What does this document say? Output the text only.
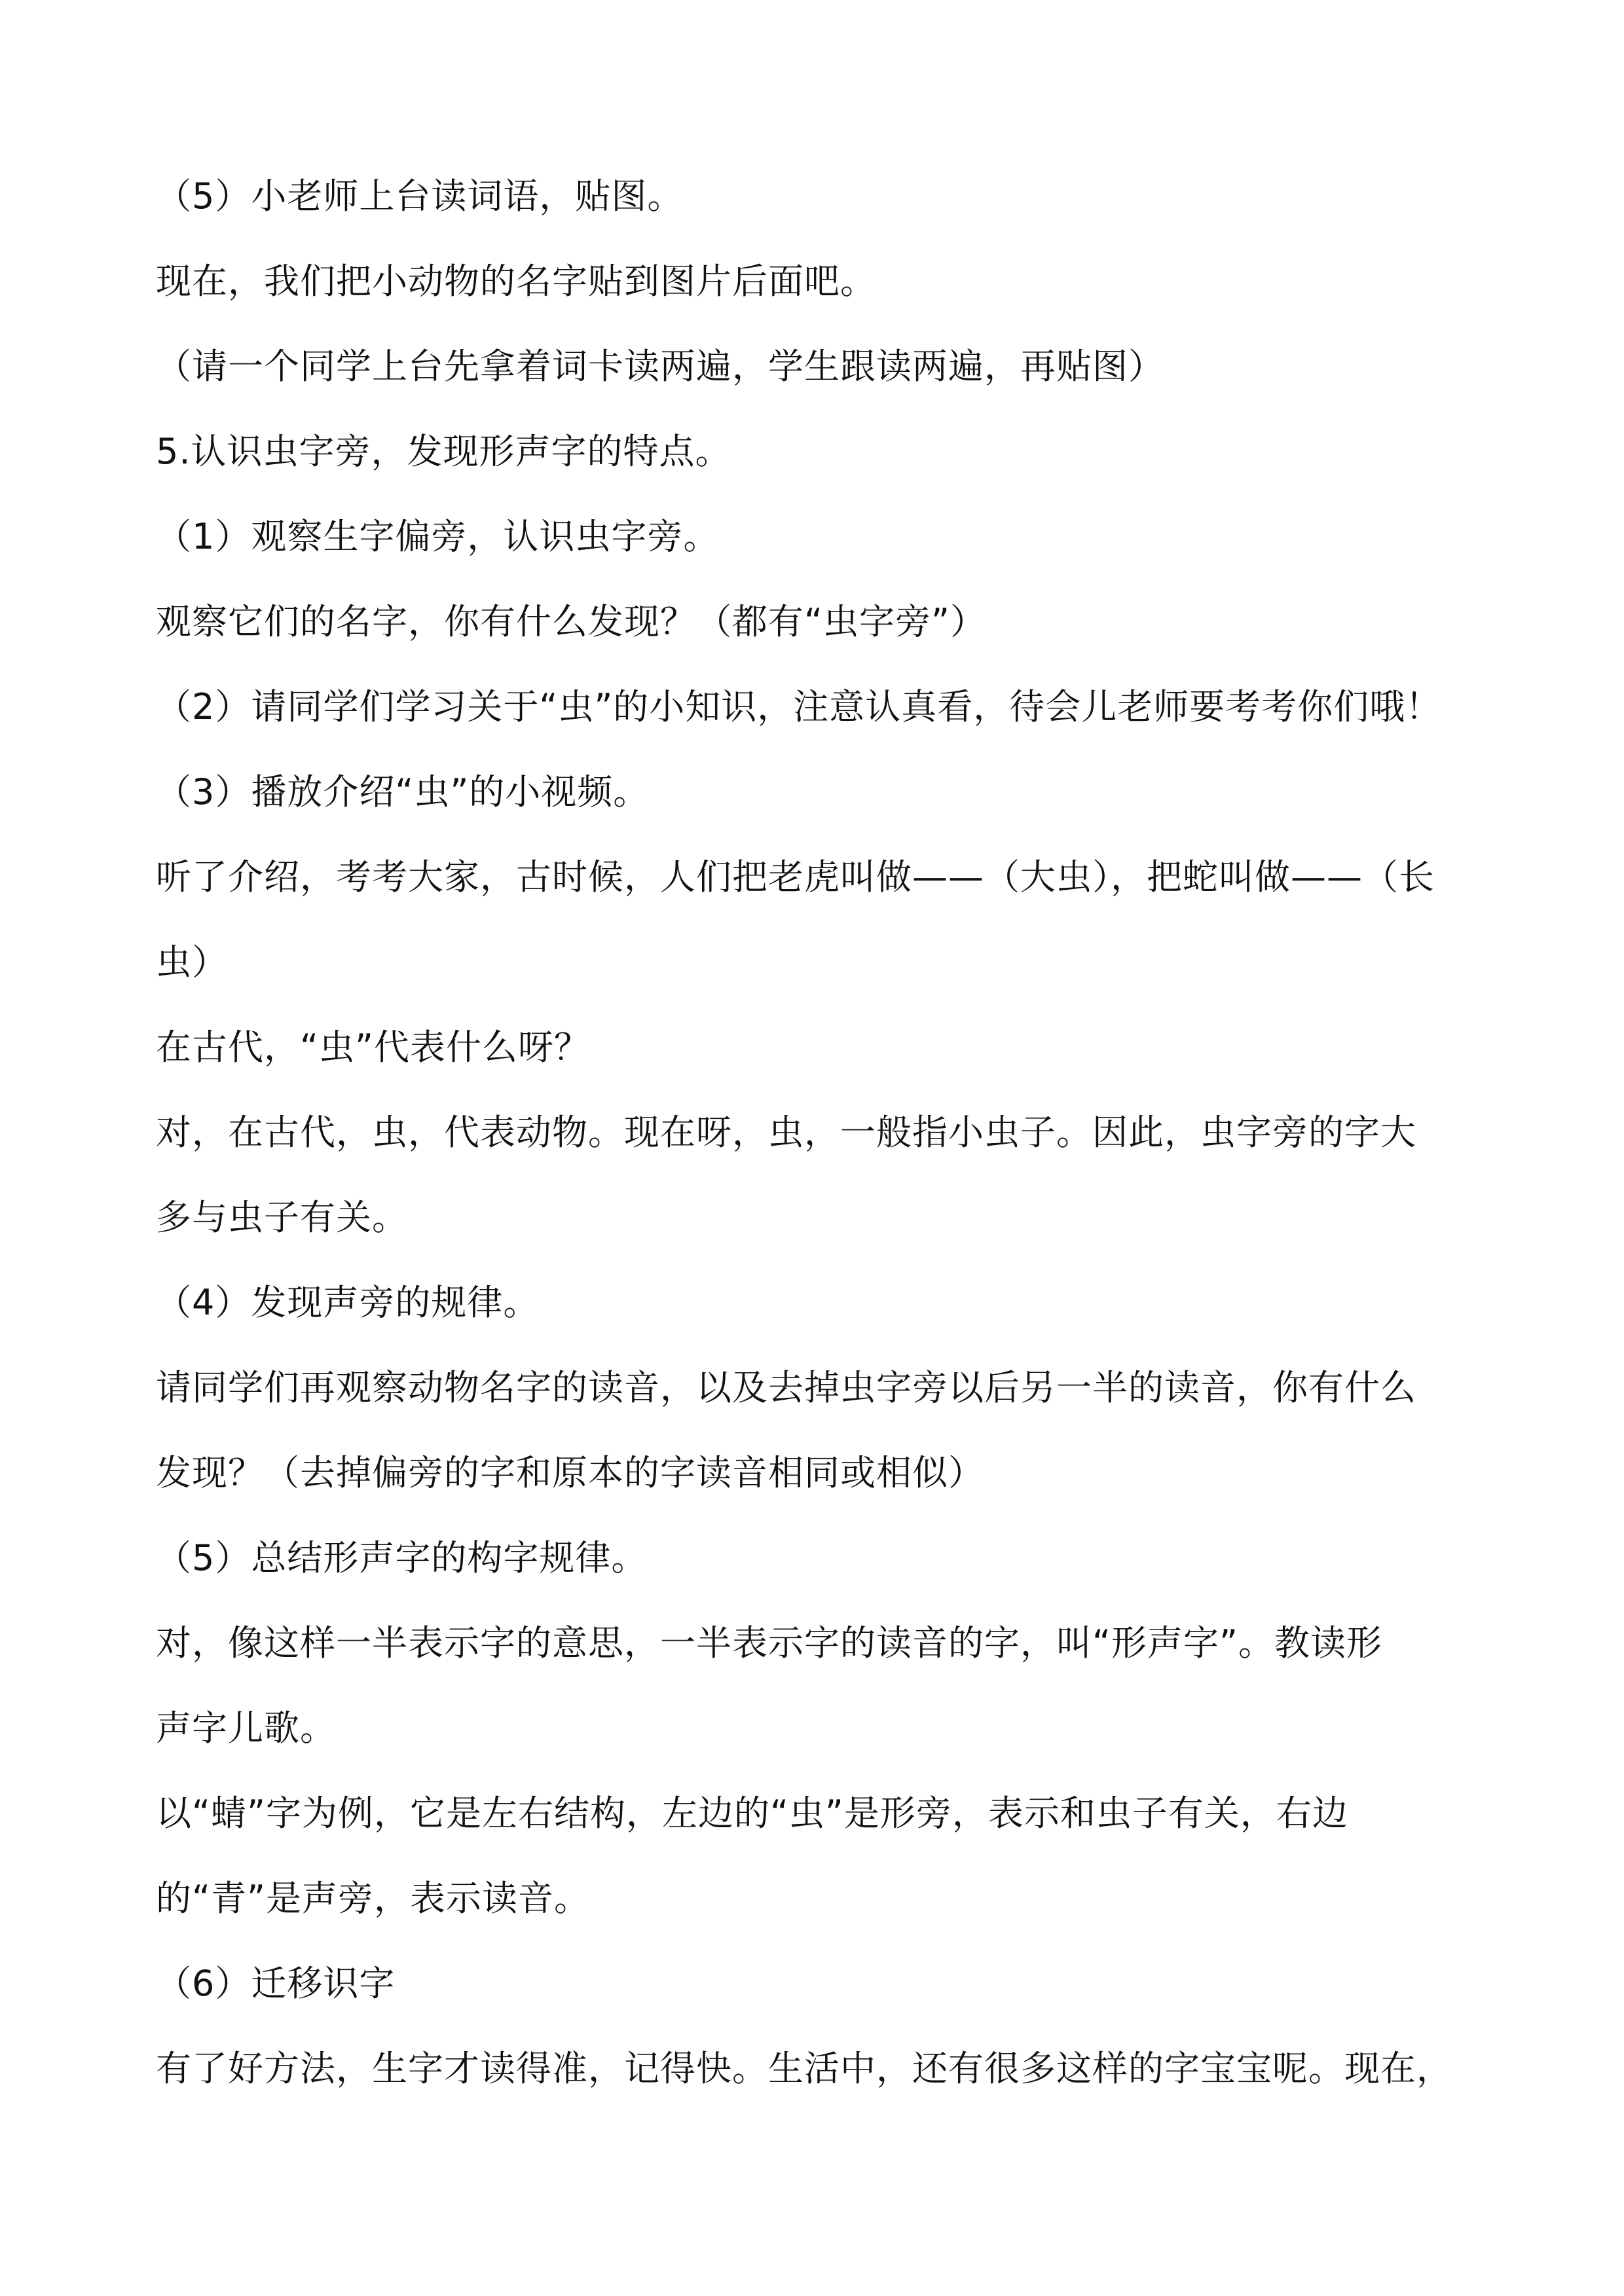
（5）小老师上台读词语，贴图。
现在，我们把小动物的名字贴到图片后面吧。
（请一个同学上台先拿着词卡读两遍，学生跟读两遍，再贴图）
5.认识虫字旁，发现形声字的特点。
（1）观察生字偏旁，认识虫字旁。
观察它们的名字，你有什么发现？（都有“虫字旁”）
（2）请同学们学习关于“虫”的小知识，注意认真看，待会儿老师要考考你们哦！
（3）播放介绍“虫”的小视频。
听了介绍，考考大家，古时候，人们把老虎叫做——（大虫），把蛇叫做——（长
虫）
在古代，“虫”代表什么呀？
对，在古代，虫，代表动物。现在呀，虫，一般指小虫子。因此，虫字旁的字大
多与虫子有关。
（4）发现声旁的规律。
请同学们再观察动物名字的读音，以及去掉虫字旁以后另一半的读音，你有什么
发现？（去掉偏旁的字和原本的字读音相同或相似）
（5）总结形声字的构字规律。
对，像这样一半表示字的意思，一半表示字的读音的字，叫“形声字”。教读形
声字儿歌。
以“蜻”字为例，它是左右结构，左边的“虫”是形旁，表示和虫子有关，右边
的“青”是声旁，表示读音。
（6）迁移识字
有了好方法，生字才读得准，记得快。生活中，还有很多这样的字宝宝呢。现在，
